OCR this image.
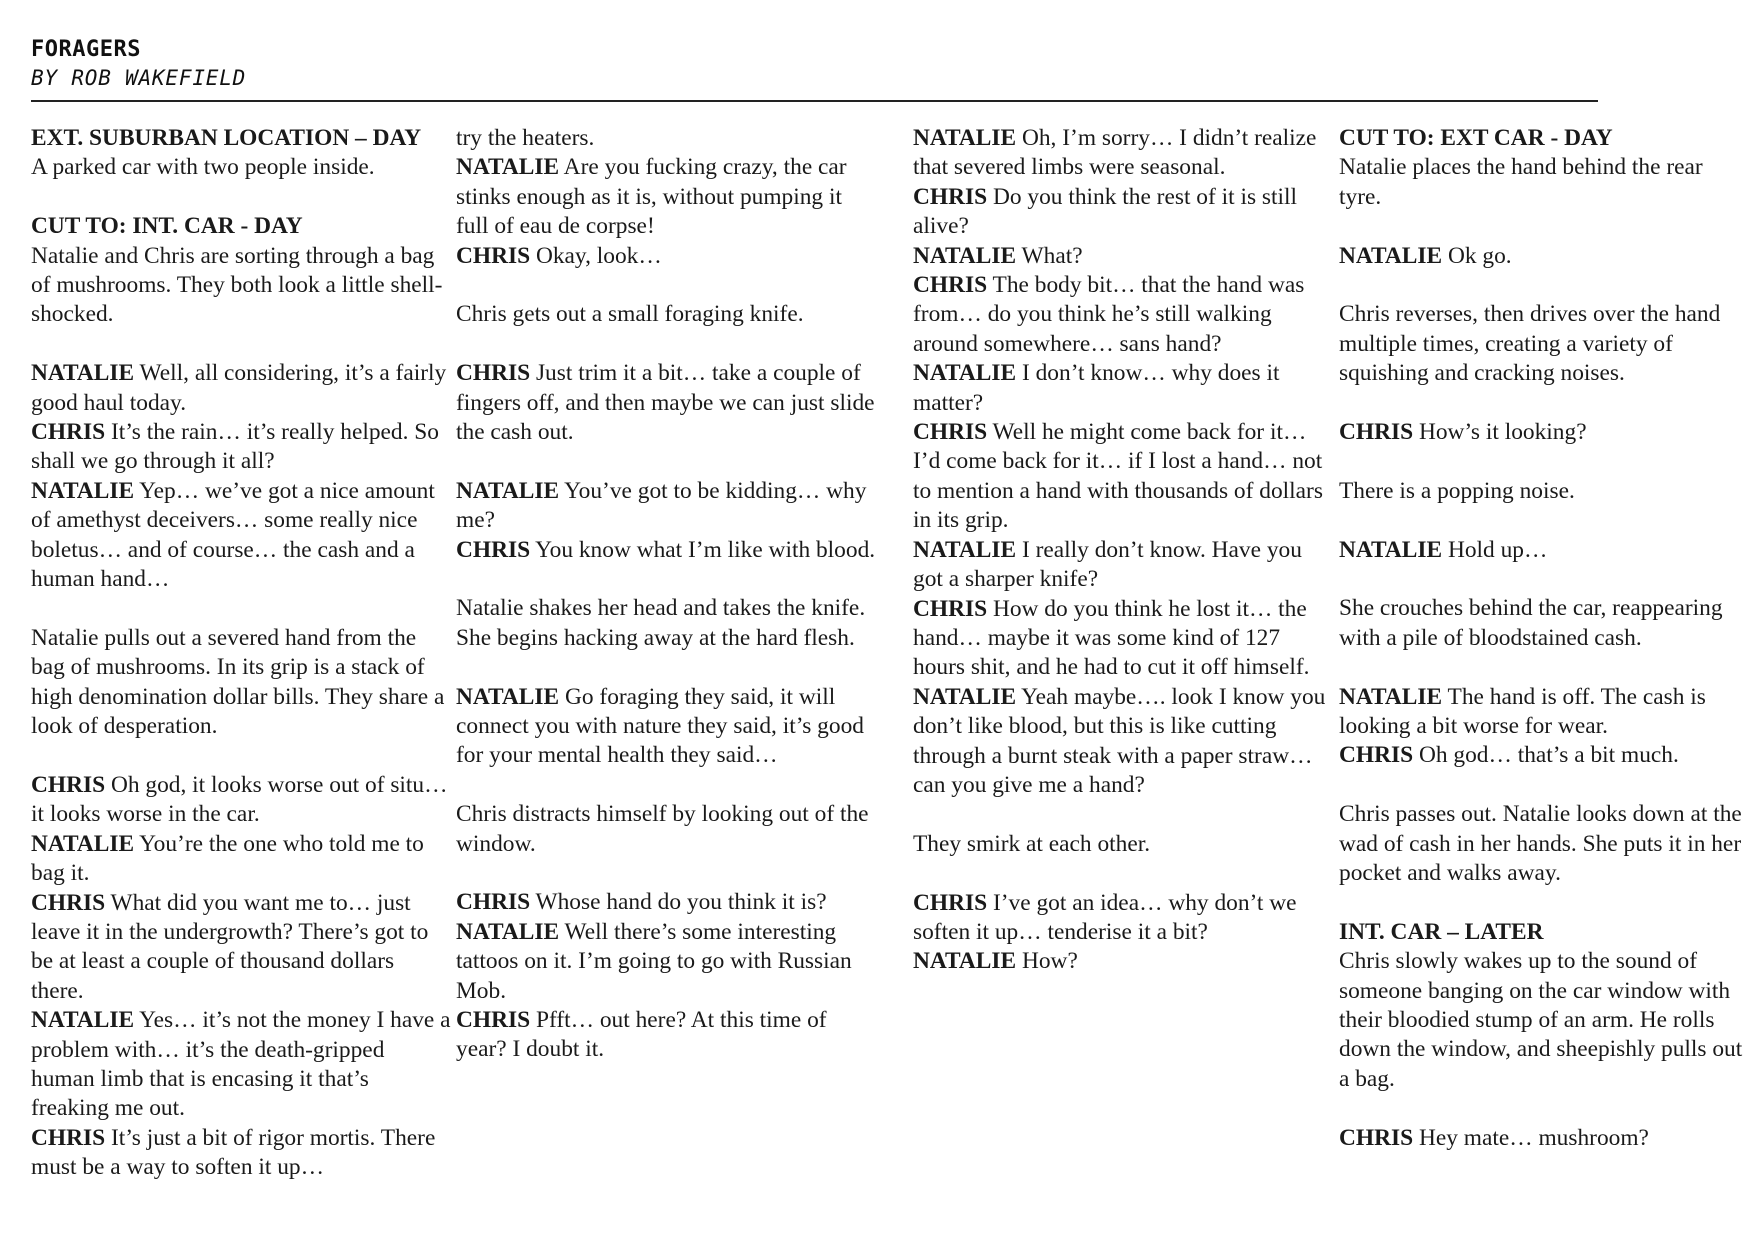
FORAGERS
BY ROB WAKEFIELD

EXT. SUBURBAN LOCATION – DAY

A parked car with two people inside.

CUT TO: INT. CAR - DAY

Natalie and Chris are sorting through a bag of mushrooms. They both look a little shell-shocked.

NATALIE Well, all considering, it’s a fairly good haul today.

CHRIS It’s the rain… it’s really helped. So shall we go through it all?

NATALIE Yep… we’ve got a nice amount of amethyst deceivers… some really nice boletus… and of course… the cash and a human hand…

Natalie pulls out a severed hand from the bag of mushrooms. In its grip is a stack of high denomination dollar bills. They share a look of desperation.

CHRIS Oh god, it looks worse out of situ… it looks worse in the car.

NATALIE You’re the one who told me to bag it.

CHRIS What did you want me to… just leave it in the undergrowth? There’s got to be at least a couple of thousand dollars there.

NATALIE Yes… it’s not the money I have a problem with… it’s the death-gripped human limb that is encasing it that’s freaking me out.

CHRIS It’s just a bit of rigor mortis. There must be a way to soften it up…

try the heaters.

NATALIE Are you fucking crazy, the car stinks enough as it is, without pumping it full of eau de corpse!

CHRIS Okay, look…

Chris gets out a small foraging knife.

CHRIS Just trim it a bit… take a couple of fingers off, and then maybe we can just slide the cash out.

NATALIE You’ve got to be kidding… why me?

CHRIS You know what I’m like with blood.

Natalie shakes her head and takes the knife. She begins hacking away at the hard flesh.

NATALIE Go foraging they said, it will connect you with nature they said, it’s good for your mental health they said…

Chris distracts himself by looking out of the window.

CHRIS Whose hand do you think it is?

NATALIE Well there’s some interesting tattoos on it. I’m going to go with Russian Mob.

CHRIS Pfft… out here? At this time of year? I doubt it.

NATALIE Oh, I’m sorry… I didn’t realize that severed limbs were seasonal.

CHRIS Do you think the rest of it is still alive?

NATALIE What?

CHRIS The body bit… that the hand was from… do you think he’s still walking around somewhere… sans hand?

NATALIE I don’t know… why does it matter?

CHRIS Well he might come back for it… I’d come back for it… if I lost a hand… not to mention a hand with thousands of dollars in its grip.

NATALIE I really don’t know. Have you got a sharper knife?

CHRIS How do you think he lost it… the hand… maybe it was some kind of 127 hours shit, and he had to cut it off himself.

NATALIE Yeah maybe…. look I know you don’t like blood, but this is like cutting through a burnt steak with a paper straw… can you give me a hand?

They smirk at each other.

CHRIS I’ve got an idea… why don’t we soften it up… tenderise it a bit?

NATALIE How?

CUT TO: EXT CAR - DAY

Natalie places the hand behind the rear tyre.

NATALIE Ok go.

Chris reverses, then drives over the hand multiple times, creating a variety of squishing and cracking noises.

CHRIS How’s it looking?

There is a popping noise.

NATALIE Hold up…

She crouches behind the car, reappearing with a pile of bloodstained cash.

NATALIE The hand is off. The cash is looking a bit worse for wear.

CHRIS Oh god… that’s a bit much.

Chris passes out. Natalie looks down at the wad of cash in her hands. She puts it in her pocket and walks away.

INT. CAR – LATER

Chris slowly wakes up to the sound of someone banging on the car window with their bloodied stump of an arm. He rolls down the window, and sheepishly pulls out a bag.

CHRIS Hey mate… mushroom?
